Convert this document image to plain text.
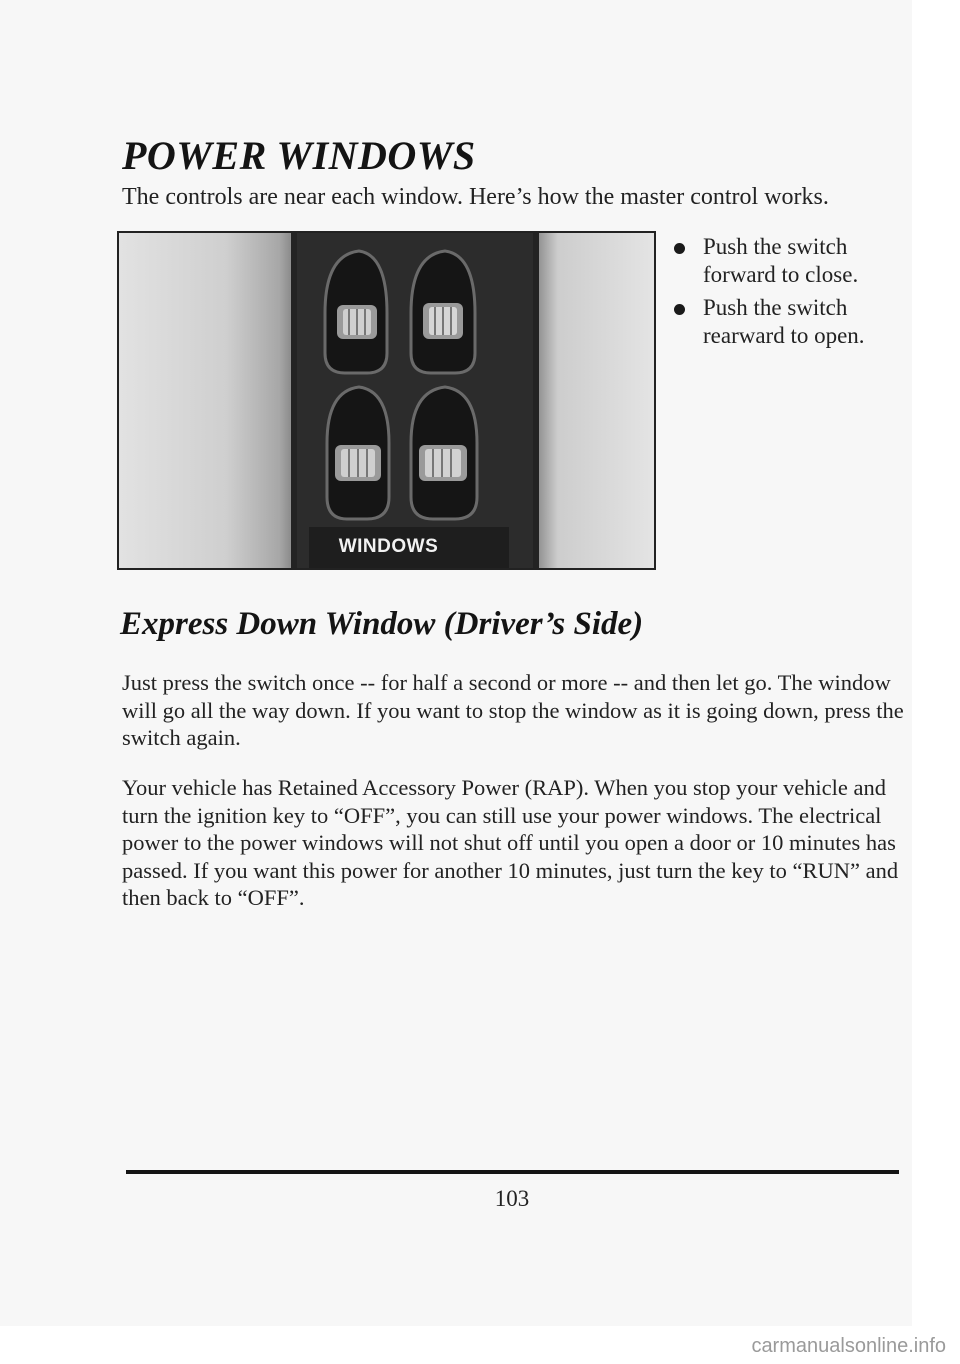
POWER WINDOWS
The controls are near each window. Here’s how the master control works.
WINDOWS
Push the switch forward to close.
Push the switch rearward to open.
Express Down Window (Driver’s Side)

Just press the switch once -- for half a second or more -- and then let go. The window will go all the way down. If you want to stop the window as it is going down, press the switch again.

Your vehicle has Retained Accessory Power (RAP). When you stop your vehicle and turn the ignition key to “OFF”, you can still use your power windows. The electrical power to the power windows will not shut off until you open a door or 10 minutes has passed. If you want this power for another 10 minutes, just turn the key to “RUN” and then back to “OFF”.

103
carmanualsonline.info
